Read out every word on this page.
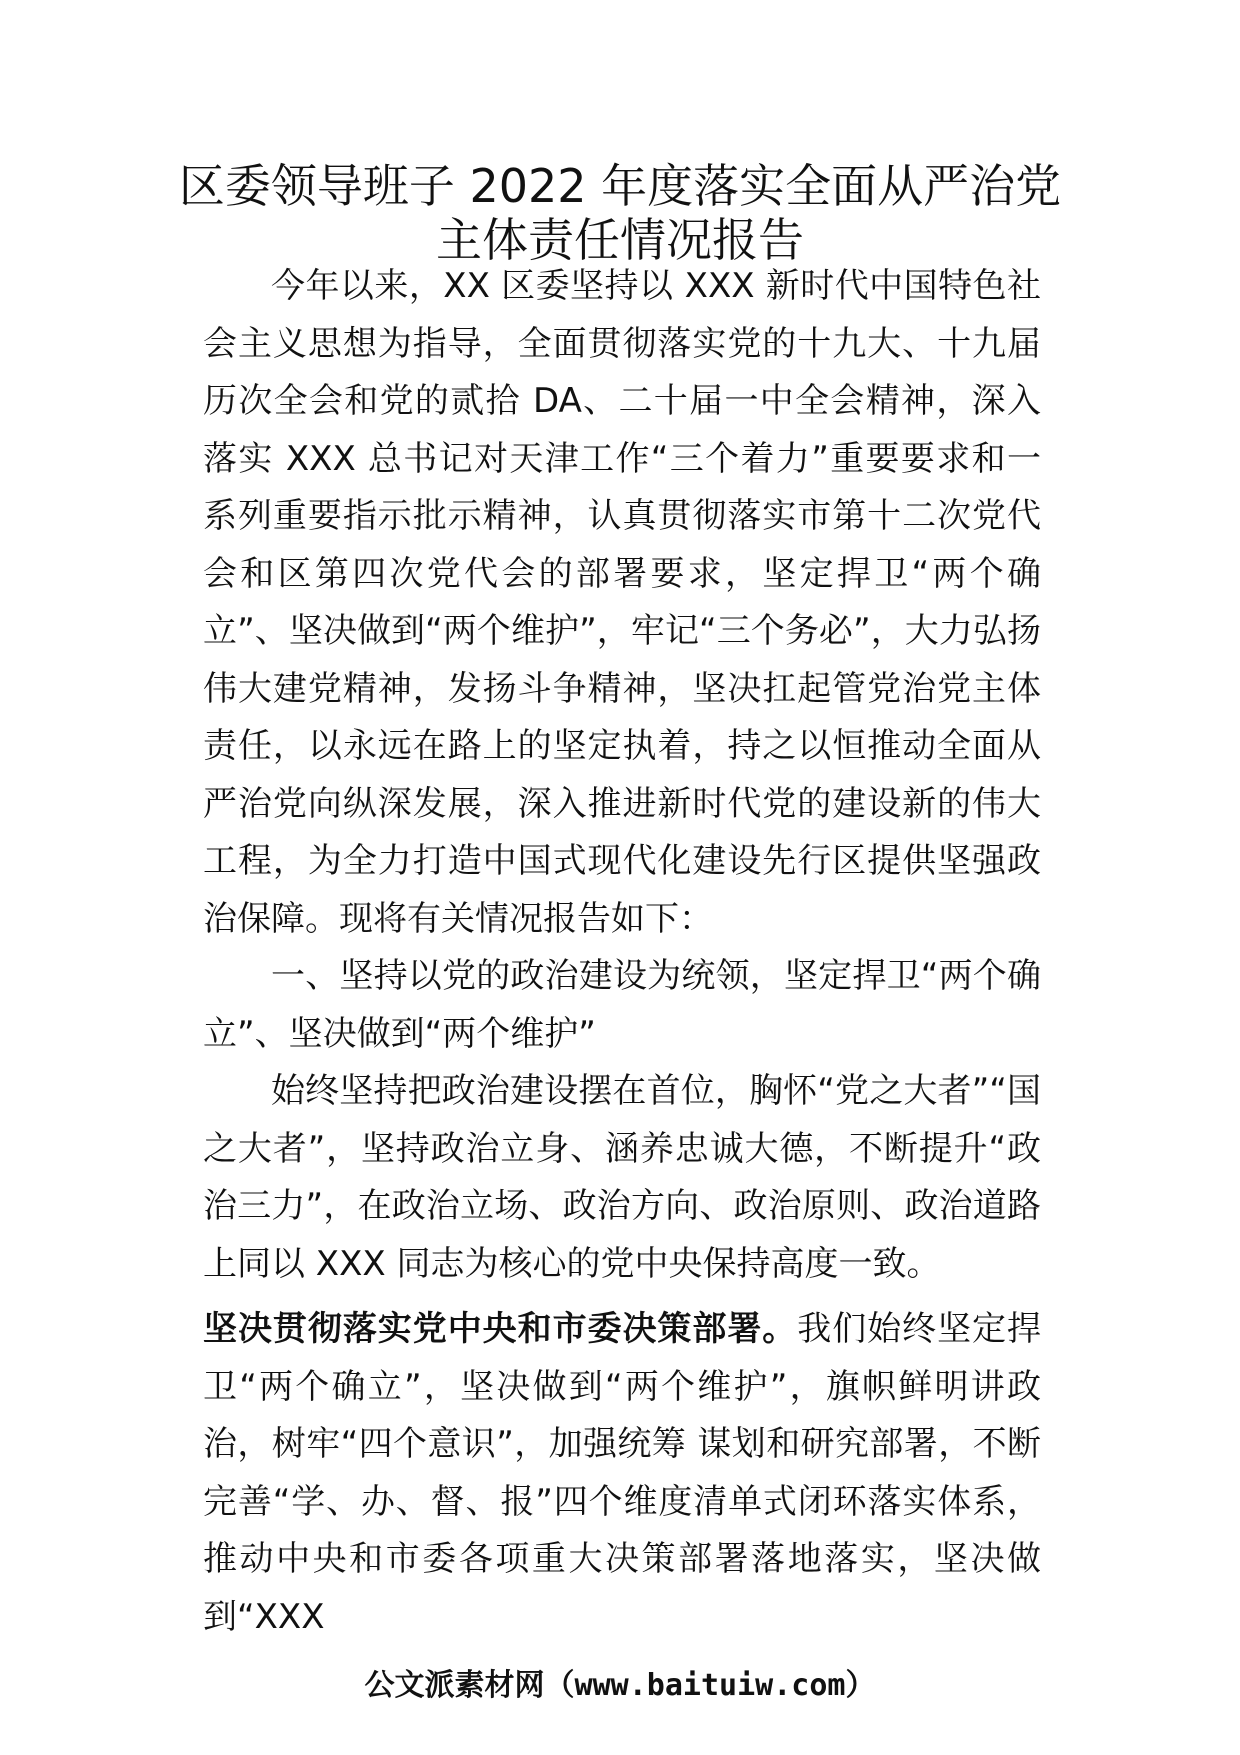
区委领导班子 2022 年度落实全面从严治党
主体责任情况报告

今年以来，XX 区委坚持以 XXX 新时代中国特色社会主义思想为指导，全面贯彻落实党的十九大、十九届历次全会和党的贰拾 DA、二十届一中全会精神，深入落实 XXX 总书记对天津工作“三个着力”重要要求和一系列重要指示批示精神，认真贯彻落实市第十二次党代会和区第四次党代会的部署要求，坚定捍卫“两个确立”、坚决做到“两个维护”，牢记“三个务必”，大力弘扬伟大建党精神，发扬斗争精神，坚决扛起管党治党主体责任，以永远在路上的坚定执着，持之以恒推动全面从严治党向纵深发展，深入推进新时代党的建设新的伟大工程，为全力打造中国式现代化建设先行区提供坚强政治保障。现将有关情况报告如下：

一、坚持以党的政治建设为统领，坚定捍卫“两个确立”、坚决做到“两个维护”

始终坚持把政治建设摆在首位，胸怀“党之大者”“国之大者”，坚持政治立身、涵养忠诚大德，不断提升“政治三力”，在政治立场、政治方向、政治原则、政治道路上同以 XXX 同志为核心的党中央保持高度一致。

坚决贯彻落实党中央和市委决策部署。我们始终坚定捍卫“两个确立”，坚决做到“两个维护”，旗帜鲜明讲政治，树牢“四个意识”，加强统筹 谋划和研究部署，不断完善“学、办、督、报”四个维度清单式闭环落实体系，推动中央和市委各项重大决策部署落地落实，坚决做到“XXX

公文派素材网（www.baituiw.com）
